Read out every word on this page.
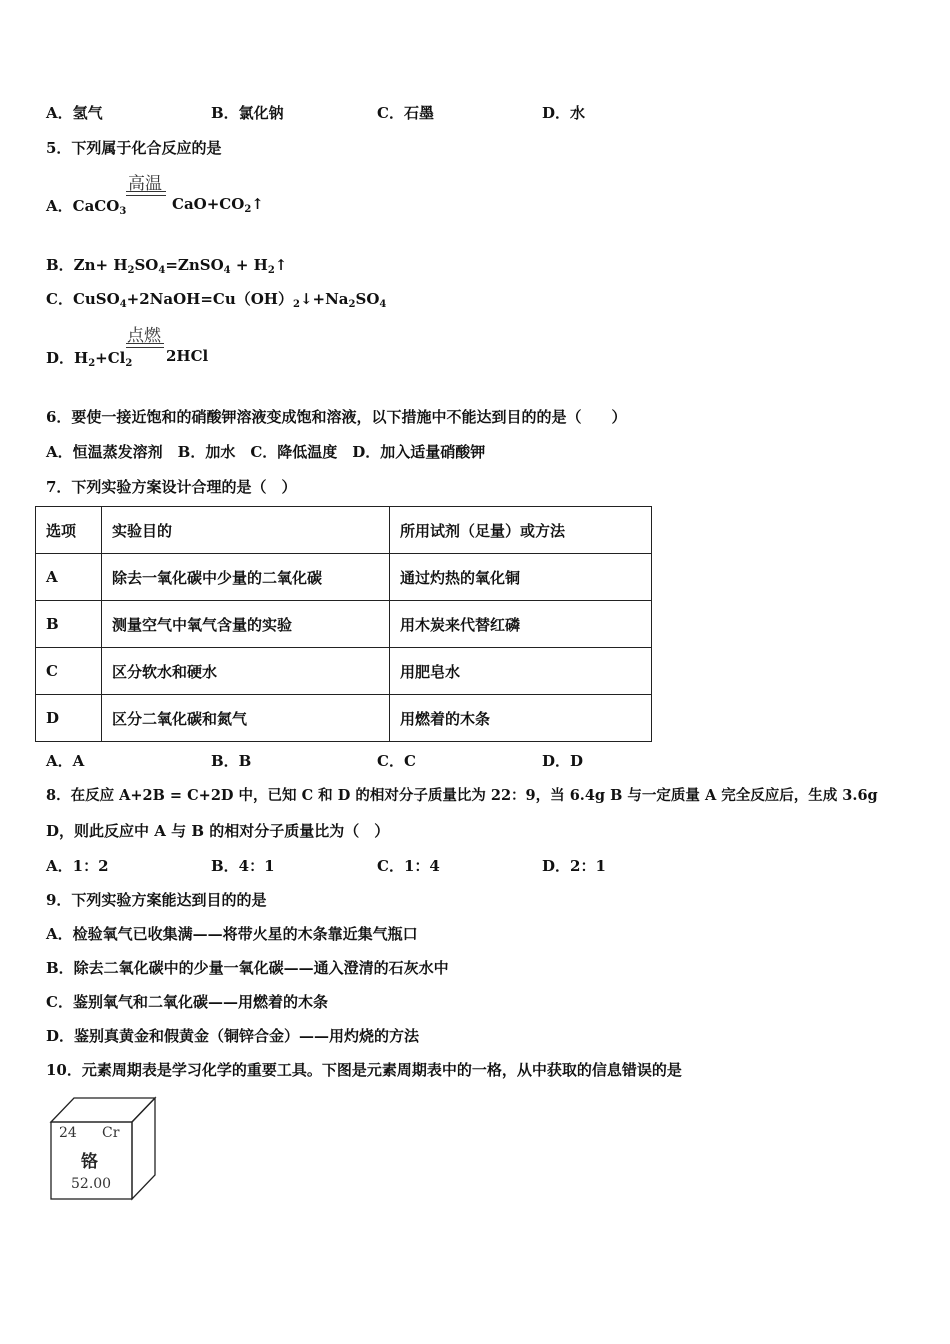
A．氢气	B．氯化钠	C．石墨	D．水
5．下列属于化合反应的是
A．CaCO$_3$
高温
$CaO+CO_2↑$
B．$Zn+ H_2SO_4=ZnSO_4$ + $H_2↑$
C．$CuSO_4+2NaOH=Cu(OH)_2↓+Na_2SO_4$
D．$H_2+Cl_2$
点燃
2HCl
6．要使一接近饱和的硝酸钾溶液变成饱和溶液，以下措施中不能达到目的的是（　　）
A．恒温蒸发溶剂　B．加水　C．降低温度　D．加入适量硝酸钾
7．下列实验方案设计合理的是（　）
选项	实验目的	所用试剂（足量）或方法
A	除去一氧化碳中少量的二氧化碳	通过灼热的氧化铜
B	测量空气中氧气含量的实验	用木炭来代替红磷
C	区分软水和硬水	用肥皂水
D	区分二氧化碳和氮气	用燃着的木条
A．A	B．B	C．C	D．D
8．在反应 A+2B = C+2D 中，已知 C 和 D 的相对分子质量比为 22：9，当 6.4g B 与一定质量 A 完全反应后，生成 3.6g
D，则此反应中 A 与 B 的相对分子质量比为（　）
A．1：2	B．4：1	C．1：4	D．2：1
9．下列实验方案能达到目的的是
A．检验氧气已收集满——将带火星的木条靠近集气瓶口
B．除去二氧化碳中的少量一氧化碳——通入澄清的石灰水中
C．鉴别氧气和二氧化碳——用燃着的木条
D．鉴别真黄金和假黄金（铜锌合金）——用灼烧的方法
10．元素周期表是学习化学的重要工具。下图是元素周期表中的一格，从中获取的信息错误的是
24 Cr
铬
52.00
